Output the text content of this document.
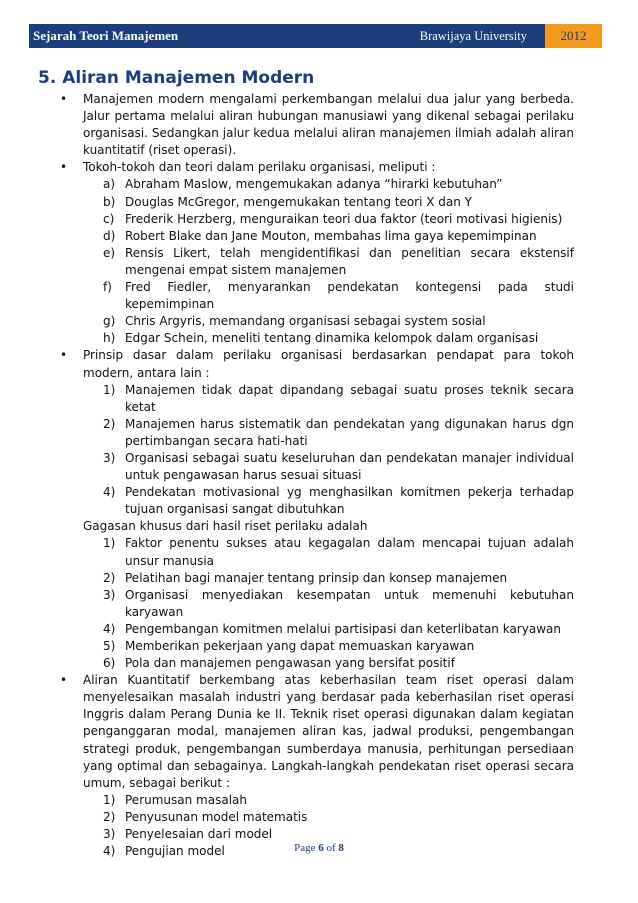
Sejarah Teori Manajemen	Brawijaya University	2012
5. Aliran Manajemen Modern
• Manajemen modern mengalami perkembangan melalui dua jalur yang berbeda. Jalur pertama melalui aliran hubungan manusiawi yang dikenal sebagai perilaku organisasi. Sedangkan jalur kedua melalui aliran manajemen ilmiah adalah aliran kuantitatif (riset operasi).
• Tokoh-tokoh dan teori dalam perilaku organisasi, meliputi :
a) Abraham Maslow, mengemukakan adanya “hirarki kebutuhan”
b) Douglas McGregor, mengemukakan tentang teori X dan Y
c) Frederik Herzberg, menguraikan teori dua faktor (teori motivasi higienis)
d) Robert Blake dan Jane Mouton, membahas lima gaya kepemimpinan
e) Rensis Likert, telah mengidentifikasi dan penelitian secara ekstensif mengenai empat sistem manajemen
f) Fred Fiedler, menyarankan pendekatan kontegensi pada studi kepemimpinan
g) Chris Argyris, memandang organisasi sebagai system sosial
h) Edgar Schein, meneliti tentang dinamika kelompok dalam organisasi
• Prinsip dasar dalam perilaku organisasi berdasarkan pendapat para tokoh modern, antara lain :
1) Manajemen tidak dapat dipandang sebagai suatu proses teknik secara ketat
2) Manajemen harus sistematik dan pendekatan yang digunakan harus dgn pertimbangan secara hati-hati
3) Organisasi sebagai suatu keseluruhan dan pendekatan manajer individual untuk pengawasan harus sesuai situasi
4) Pendekatan motivasional yg menghasilkan komitmen pekerja terhadap tujuan organisasi sangat dibutuhkan
Gagasan khusus dari hasil riset perilaku adalah
1) Faktor penentu sukses atau kegagalan dalam mencapai tujuan adalah unsur manusia
2) Pelatihan bagi manajer tentang prinsip dan konsep manajemen
3) Organisasi menyediakan kesempatan untuk memenuhi kebutuhan karyawan
4) Pengembangan komitmen melalui partisipasi dan keterlibatan karyawan
5) Memberikan pekerjaan yang dapat memuaskan karyawan
6) Pola dan manajemen pengawasan yang bersifat positif
• Aliran Kuantitatif berkembang atas keberhasilan team riset operasi dalam menyelesaikan masalah industri yang berdasar pada keberhasilan riset operasi Inggris dalam Perang Dunia ke II. Teknik riset operasi digunakan dalam kegiatan penganggaran modal, manajemen aliran kas, jadwal produksi, pengembangan strategi produk, pengembangan sumberdaya manusia, perhitungan persediaan yang optimal dan sebagainya. Langkah-langkah pendekatan riset operasi secara umum, sebagai berikut :
1) Perumusan masalah
2) Penyusunan model matematis
3) Penyelesaian dari model
4) Pengujian model	Page 6 of 8
